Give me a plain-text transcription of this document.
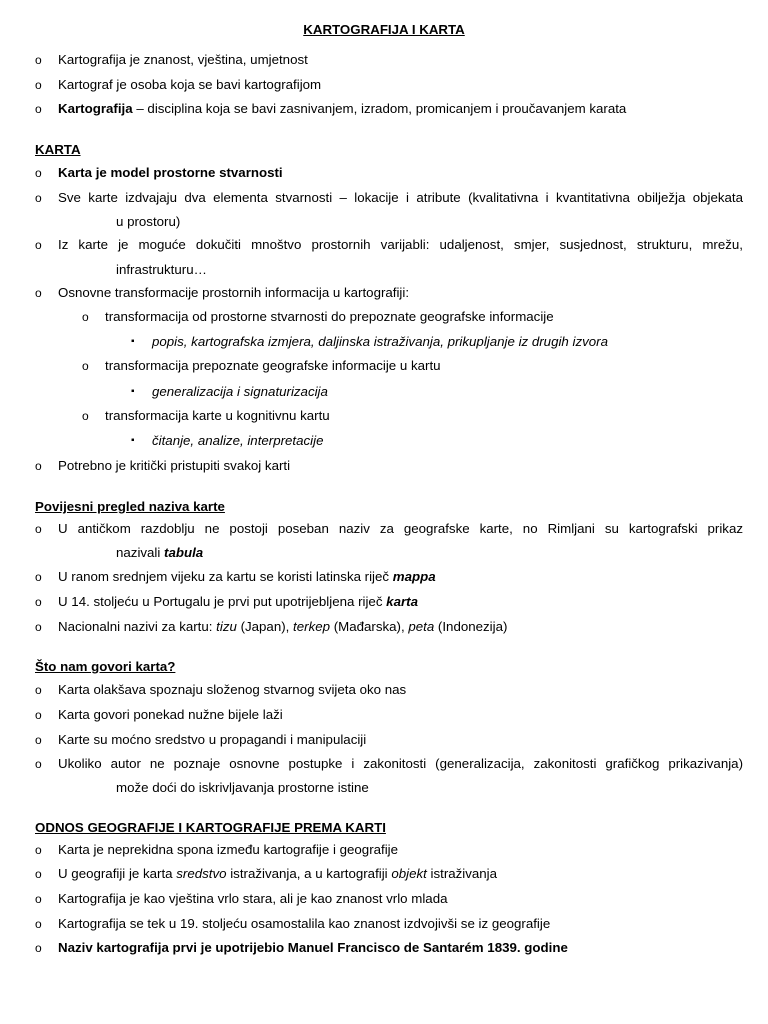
KARTOGRAFIJA I KARTA
o Kartografija je znanost, vještina, umjetnost
o Kartograf je osoba koja se bavi kartografijom
o Kartografija – disciplina koja se bavi zasnivanjem, izradom, promicanjem i proučavanjem karata
KARTA
o Karta je model prostorne stvarnosti
o Sve karte izdvajaju dva elementa stvarnosti – lokacije i atribute (kvalitativna i kvantitativna obilježja objekata
u prostoru)
o Iz karte je moguće dokučiti mnoštvo prostornih varijabli: udaljenost, smjer, susjednost, strukturu, mrežu,
infrastrukturu…
o Osnovne transformacije prostornih informacija u kartografiji:
o transformacija od prostorne stvarnosti do prepoznate geografske informacije
▪ popis, kartografska izmjera, daljinska istraživanja, prikupljanje iz drugih izvora
o transformacija prepoznate geografske informacije u kartu
▪ generalizacija i signaturizacija
o transformacija karte u kognitivnu kartu
▪ čitanje, analize, interpretacije
o Potrebno je kritički pristupiti svakoj karti
Povijesni pregled naziva karte
o U antičkom razdoblju ne postoji poseban naziv za geografske karte, no Rimljani su kartografski prikaz
nazivali tabula
o U ranom srednjem vijeku za kartu se koristi latinska riječ mappa
o U 14. stoljeću u Portugalu je prvi put upotrijebljena riječ karta
o Nacionalni nazivi za kartu: tizu (Japan), terkep (Mađarska), peta (Indonezija)
Što nam govori karta?
o Karta olakšava spoznaju složenog stvarnog svijeta oko nas
o Karta govori ponekad nužne bijele laži
o Karte su moćno sredstvo u propagandi i manipulaciji
o Ukoliko autor ne poznaje osnovne postupke i zakonitosti (generalizacija, zakonitosti grafičkog prikazivanja)
može doći do iskrivljavanja prostorne istine
ODNOS GEOGRAFIJE I KARTOGRAFIJE PREMA KARTI
o Karta je neprekidna spona između kartografije i geografije
o U geografiji je karta sredstvo istraživanja, a u kartografiji objekt istraživanja
o Kartografija je kao vještina vrlo stara, ali je kao znanost vrlo mlada
o Kartografija se tek u 19. stoljeću osamostalila kao znanost izdvojivši se iz geografije
o Naziv kartografija prvi je upotrijebio Manuel Francisco de Santarém 1839. godine
